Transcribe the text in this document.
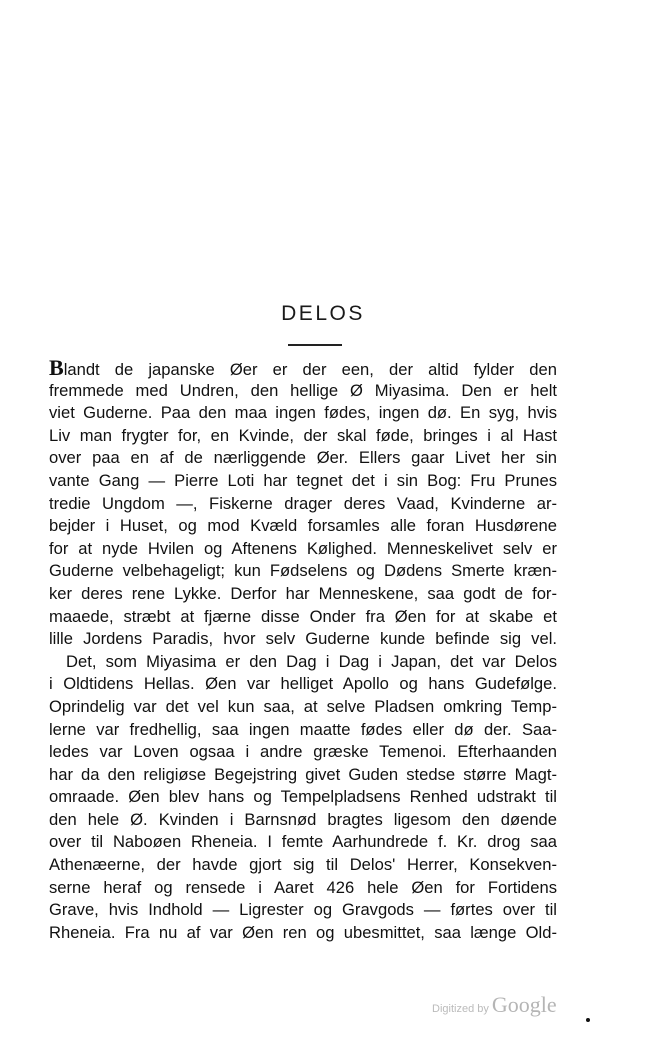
DELOS
Blandt de japanske Øer er der een, der altid fylder den
fremmede med Undren, den hellige Ø Miyasima. Den er helt
viet Guderne. Paa den maa ingen fødes, ingen dø. En syg, hvis
Liv man frygter for, en Kvinde, der skal føde, bringes i al Hast
over paa en af de nærliggende Øer. Ellers gaar Livet her sin
vante Gang — Pierre Loti har tegnet det i sin Bog: Fru Prunes
tredie Ungdom —, Fiskerne drager deres Vaad, Kvinderne ar-
bejder i Huset, og mod Kvæld forsamles alle foran Husdørene
for at nyde Hvilen og Aftenens Kølighed. Menneskelivet selv er
Guderne velbehageligt; kun Fødselens og Dødens Smerte kræn-
ker deres rene Lykke. Derfor har Menneskene, saa godt de for-
maaede, stræbt at fjærne disse Onder fra Øen for at skabe et
lille Jordens Paradis, hvor selv Guderne kunde befinde sig vel.
Det, som Miyasima er den Dag i Dag i Japan, det var Delos
i Oldtidens Hellas. Øen var helliget Apollo og hans Gudefølge.
Oprindelig var det vel kun saa, at selve Pladsen omkring Temp-
lerne var fredhellig, saa ingen maatte fødes eller dø der. Saa-
ledes var Loven ogsaa i andre græske Temenoi. Efterhaanden
har da den religiøse Begejstring givet Guden stedse større Magt-
omraade. Øen blev hans og Tempelpladsens Renhed udstrakt til
den hele Ø. Kvinden i Barnsnød bragtes ligesom den døende
over til Naboøen Rheneia. I femte Aarhundrede f. Kr. drog saa
Athenæerne, der havde gjort sig til Delos' Herrer, Konsekven-
serne heraf og rensede i Aaret 426 hele Øen for Fortidens
Grave, hvis Indhold — Ligrester og Gravgods — førtes over til
Rheneia. Fra nu af var Øen ren og ubesmittet, saa længe Old-
Digitized by Google
